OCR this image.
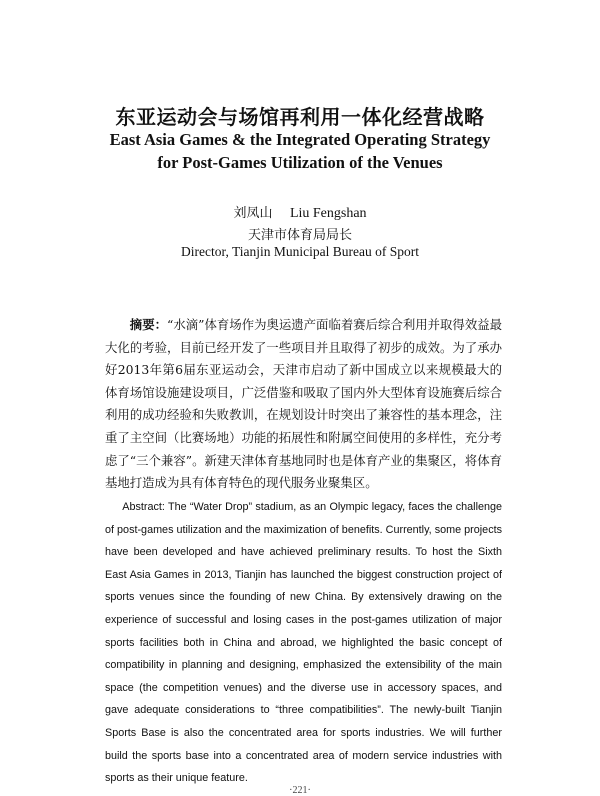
东亚运动会与场馆再利用一体化经营战略
East Asia Games & the Integrated Operating Strategy
for Post-Games Utilization of the Venues
刘凤山 Liu Fengshan
天津市体育局局长
Director, Tianjin Municipal Bureau of Sport

摘要：“水滴”体育场作为奥运遗产面临着赛后综合利用并取得效益最大化的考验，目前已经开发了一些项目并且取得了初步的成效。为了承办好2013年第6届东亚运动会，天津市启动了新中国成立以来规模最大的体育场馆设施建设项目，广泛借鉴和吸取了国内外大型体育设施赛后综合利用的成功经验和失败教训，在规划设计时突出了兼容性的基本理念，注重了主空间（比赛场地）功能的拓展性和附属空间使用的多样性，充分考虑了“三个兼容”。新建天津体育基地同时也是体育产业的集聚区，将体育基地打造成为具有体育特色的现代服务业聚集区。

Abstract: The “Water Drop” stadium, as an Olympic legacy, faces the challenge of post-games utilization and the maximization of benefits. Currently, some projects have been developed and have achieved preliminary results. To host the Sixth East Asia Games in 2013, Tianjin has launched the biggest construction project of sports venues since the founding of new China. By extensively drawing on the experience of successful and losing cases in the post-games utilization of major sports facilities both in China and abroad, we highlighted the basic concept of compatibility in planning and designing, emphasized the extensibility of the main space (the competition venues) and the diverse use in accessory spaces, and gave adequate considerations to “three compatibilities”. The newly-built Tianjin Sports Base is also the concentrated area for sports industries. We will further build the sports base into a concentrated area of modern service industries with sports as their unique feature.

·221·
